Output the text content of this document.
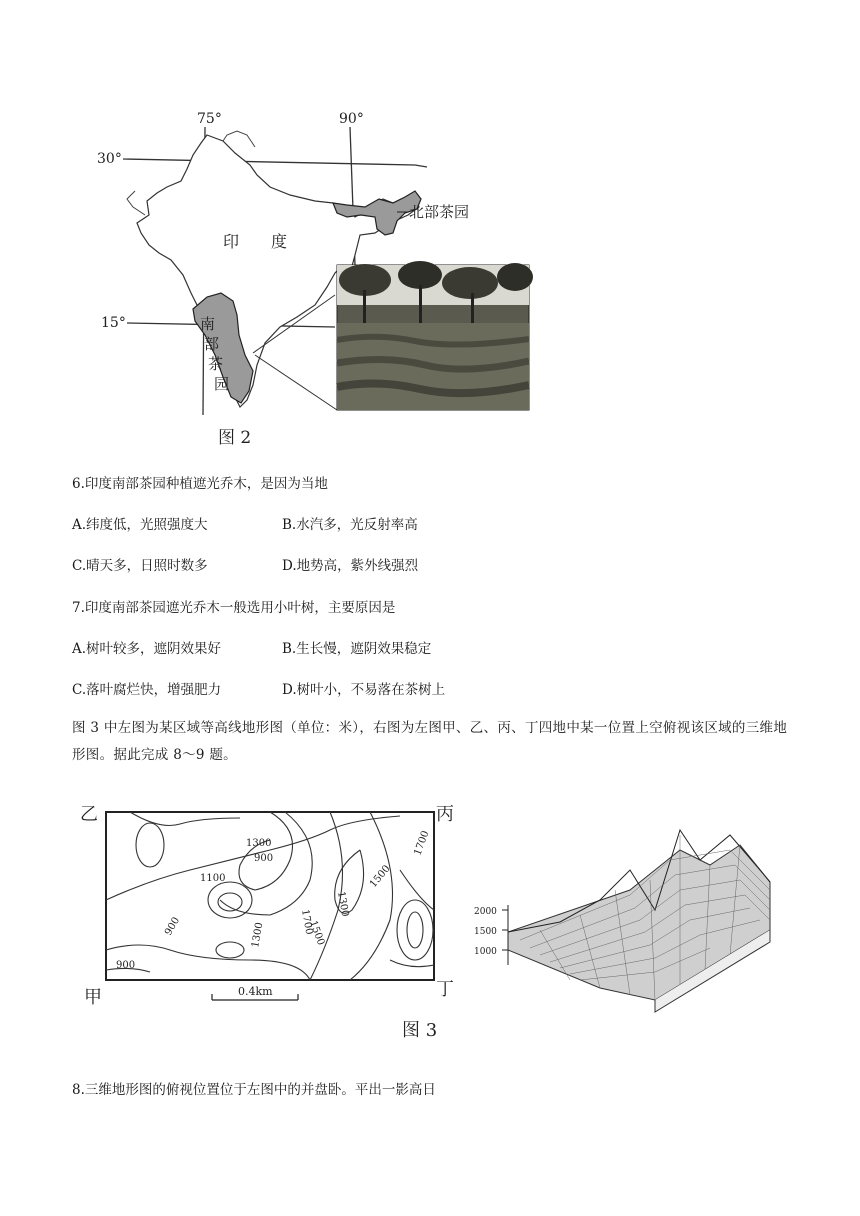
北部茶园
75°	90°
30°
15°
印 度
南
部
茶
园
图 2
6.印度南部茶园种植遮光乔木，是因为当地
A.纬度低，光照强度大	B.水汽多，光反射率高
C.晴天多，日照时数多	D.地势高，紫外线强烈
7.印度南部茶园遮光乔木一般选用小叶树，主要原因是
A.树叶较多，遮阴效果好	B.生长慢，遮阴效果稳定
C.落叶腐烂快，增强肥力	D.树叶小，不易落在茶树上
图 3 中左图为某区域等高线地形图（单位：米），右图为左图甲、乙、丙、丁四地中某一位置上空俯视该区域的三维地形图。据此完成 8～9 题。
乙	丙
甲	丁
1300
900
1100
1700
1300
1500
1700
1500
900	1300
900
0.4km
2000
1500
1000
图 3
8.三维地形图的俯视位置位于左图中的并盘卧。平出一影高日
